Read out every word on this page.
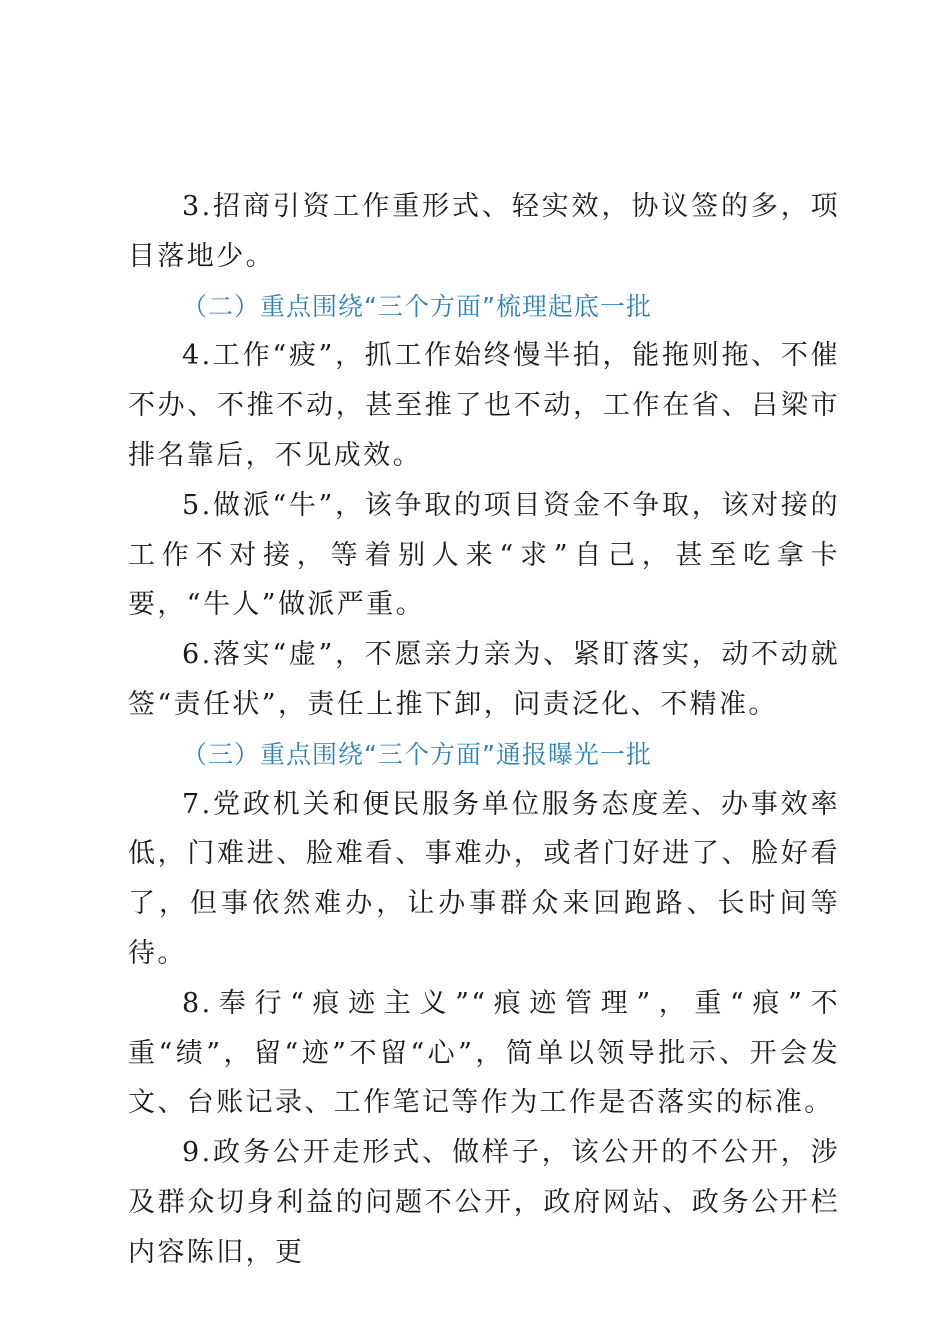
3.招商引资工作重形式、轻实效，协议签的多，项目落地少。

（二）重点围绕“三个方面”梳理起底一批

4.工作“疲”，抓工作始终慢半拍，能拖则拖、不催不办、不推不动，甚至推了也不动，工作在省、吕梁市排名靠后，不见成效。

5.做派“牛”，该争取的项目资金不争取，该对接的工作不对接，等着别人来“求”自己，甚至吃拿卡要，“牛人”做派严重。

6.落实“虚”，不愿亲力亲为、紧盯落实，动不动就签“责任状”，责任上推下卸，问责泛化、不精准。

（三）重点围绕“三个方面”通报曝光一批

7.党政机关和便民服务单位服务态度差、办事效率低，门难进、脸难看、事难办，或者门好进了、脸好看了，但事依然难办，让办事群众来回跑路、长时间等待。

8.奉行“痕迹主义”“痕迹管理”，重“痕”不重“绩”，留“迹”不留“心”，简单以领导批示、开会发文、台账记录、工作笔记等作为工作是否落实的标准。

9.政务公开走形式、做样子，该公开的不公开，涉及群众切身利益的问题不公开，政府网站、政务公开栏内容陈旧，更
